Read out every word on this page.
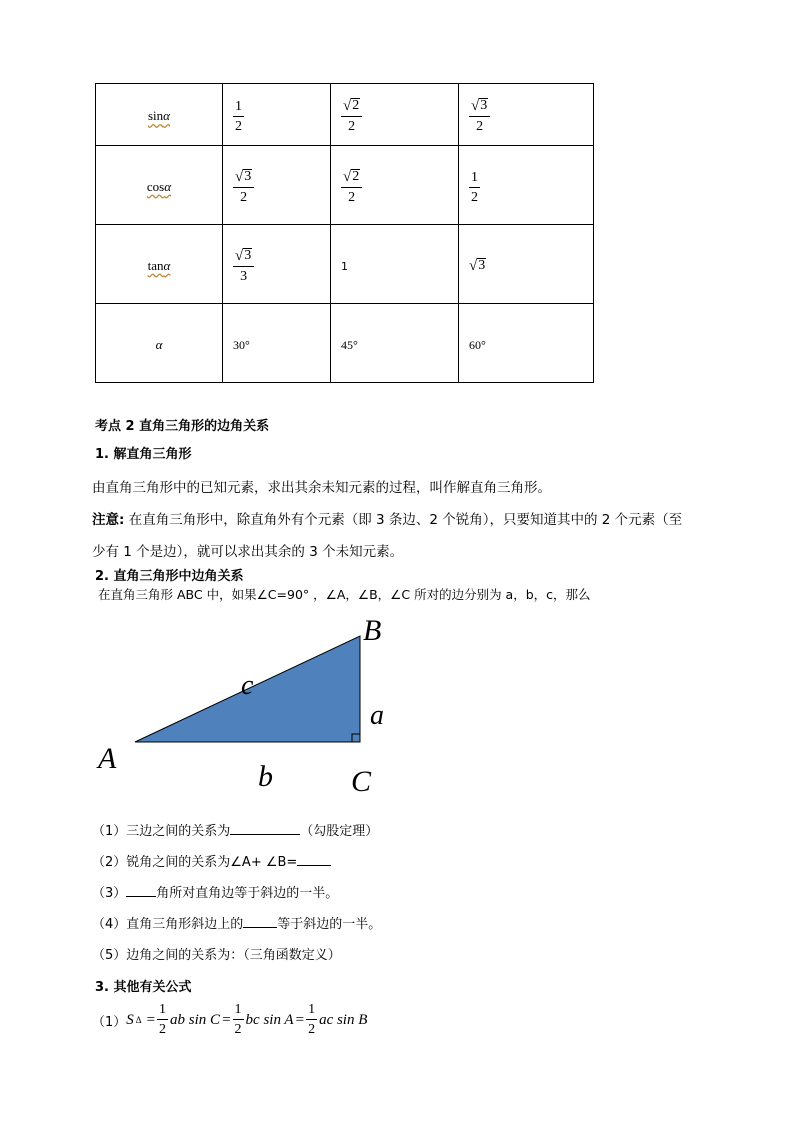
sinα	$\frac{1}{2}$	$\frac{√ 2}{2}$	$\frac{√ 3}{2}$

cosα	$\frac{√ 3}{2}$	$\frac{√ 2}{2}$	$\frac{1}{2}$

tanα	$\frac{√ 3}{3}$	1	√ 3

α	30°	45°	60°
考点 2 直角三角形的边角关系
1. 解直角三角形
由直角三角形中的已知元素，求出其余未知元素的过程，叫作解直角三角形。
注意: 在直角三角形中，除直角外有个元素（即 3 条边、2 个锐角），只要知道其中的 2 个元素（至
少有 1 个是边），就可以求出其余的 3 个未知元素。
2. 直角三角形中边角关系
在直角三角形 ABC 中，如果∠C=90° ，∠A，∠B，∠C 所对的边分别为 a，b，c，那么
B
c
a
A
b	C
（1）三边之间的关系为	（勾股定理）
（2）锐角之间的关系为∠A+ ∠B=
（3） 角所对直角边等于斜边的一半。
（4）直角三角形斜边上的	等于斜边的一半。
（5）边角之间的关系为：（三角函数定义）
3. 其他有关公式
（1） S $\Delta = \frac{1}{2}$ ab $\sin C = \frac{1}{2}$ bc $\sin A = \frac{1}{2}$ ac sin B
